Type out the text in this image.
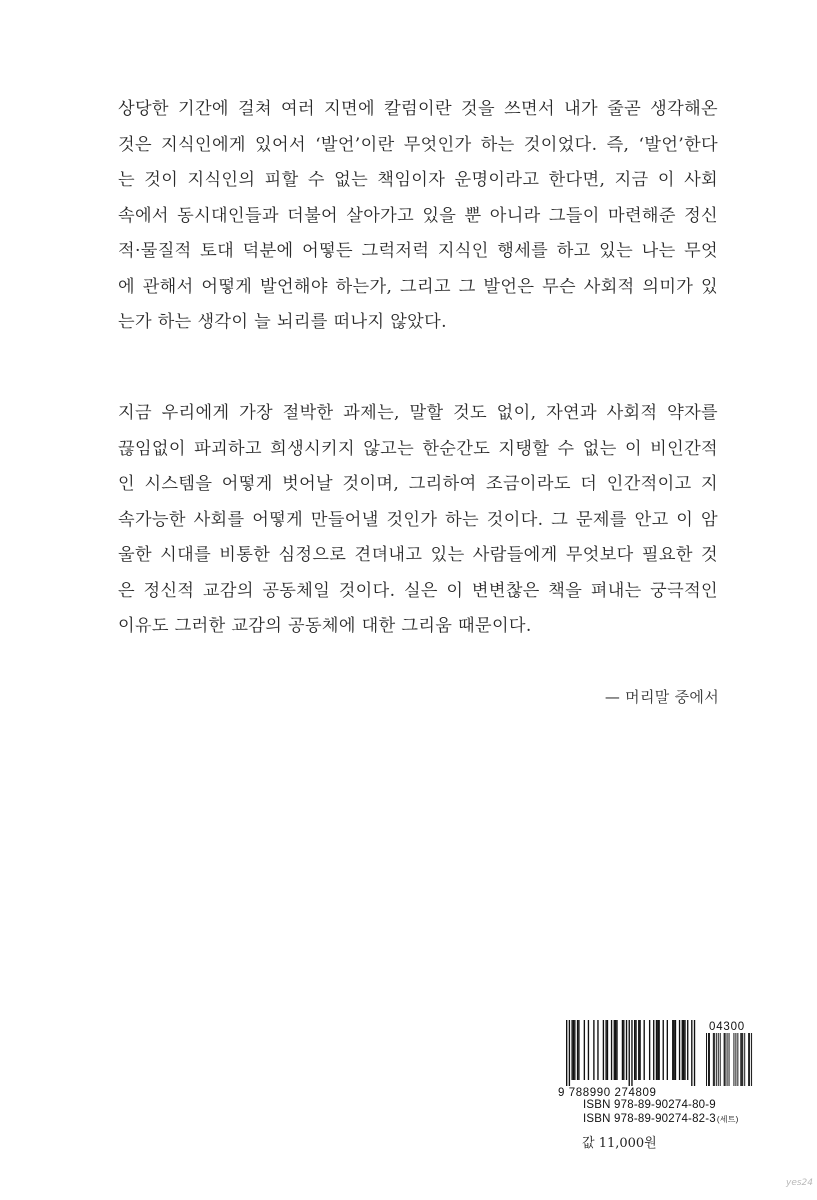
상당한 기간에 걸쳐 여러 지면에 칼럼이란 것을 쓰면서 내가 줄곧 생각해온
것은 지식인에게 있어서 ‘발언’이란 무엇인가 하는 것이었다. 즉, ‘발언’한다
는 것이 지식인의 피할 수 없는 책임이자 운명이라고 한다면, 지금 이 사회
속에서 동시대인들과 더불어 살아가고 있을 뿐 아니라 그들이 마련해준 정신
적·물질적 토대 덕분에 어떻든 그럭저럭 지식인 행세를 하고 있는 나는 무엇
에 관해서 어떻게 발언해야 하는가, 그리고 그 발언은 무슨 사회적 의미가 있
는가 하는 생각이 늘 뇌리를 떠나지 않았다.
지금 우리에게 가장 절박한 과제는, 말할 것도 없이, 자연과 사회적 약자를
끊임없이 파괴하고 희생시키지 않고는 한순간도 지탱할 수 없는 이 비인간적
인 시스템을 어떻게 벗어날 것이며, 그리하여 조금이라도 더 인간적이고 지
속가능한 사회를 어떻게 만들어낼 것인가 하는 것이다. 그 문제를 안고 이 암
울한 시대를 비통한 심정으로 견뎌내고 있는 사람들에게 무엇보다 필요한 것
은 정신적 교감의 공동체일 것이다. 실은 이 변변찮은 책을 펴내는 궁극적인
이유도 그러한 교감의 공동체에 대한 그리움 때문이다.
— 머리말 중에서
9 788990 274809
04300
ISBN 978-89-90274-80-9
ISBN 978-89-90274-82-3(세트)
값 11,000원
yes24
